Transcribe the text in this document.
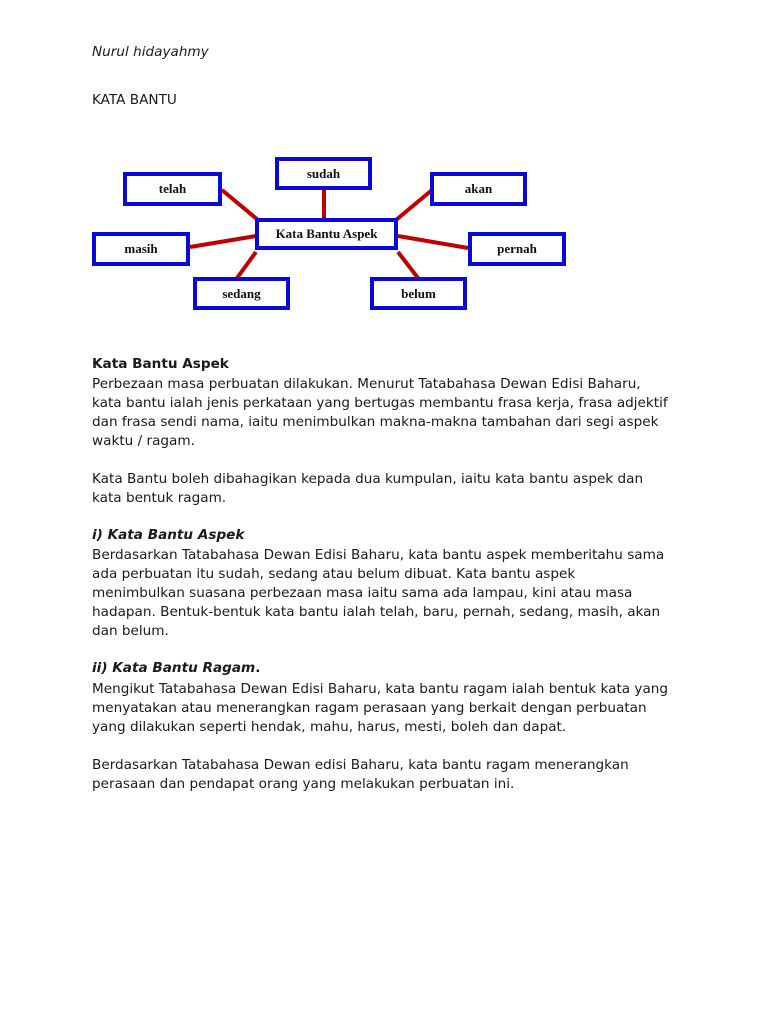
Nurul hidayahmy
KATA BANTU
telah
sudah
akan
Kata Bantu Aspek
masih	pernah
sedang	belum
Kata Bantu Aspek
Perbezaan masa perbuatan dilakukan. Menurut Tatabahasa Dewan Edisi Baharu,
kata bantu ialah jenis perkataan yang bertugas membantu frasa kerja, frasa adjektif
dan frasa sendi nama, iaitu menimbulkan makna-makna tambahan dari segi aspek
waktu / ragam.
Kata Bantu boleh dibahagikan kepada dua kumpulan, iaitu kata bantu aspek dan
kata bentuk ragam.
i) Kata Bantu Aspek
Berdasarkan Tatabahasa Dewan Edisi Baharu, kata bantu aspek memberitahu sama
ada perbuatan itu sudah, sedang atau belum dibuat. Kata bantu aspek
menimbulkan suasana perbezaan masa iaitu sama ada lampau, kini atau masa
hadapan. Bentuk-bentuk kata bantu ialah telah, baru, pernah, sedang, masih, akan
dan belum.
ii) Kata Bantu Ragam.
Mengikut Tatabahasa Dewan Edisi Baharu, kata bantu ragam ialah bentuk kata yang
menyatakan atau menerangkan ragam perasaan yang berkait dengan perbuatan
yang dilakukan seperti hendak, mahu, harus, mesti, boleh dan dapat.
Berdasarkan Tatabahasa Dewan edisi Baharu, kata bantu ragam menerangkan
perasaan dan pendapat orang yang melakukan perbuatan ini.
